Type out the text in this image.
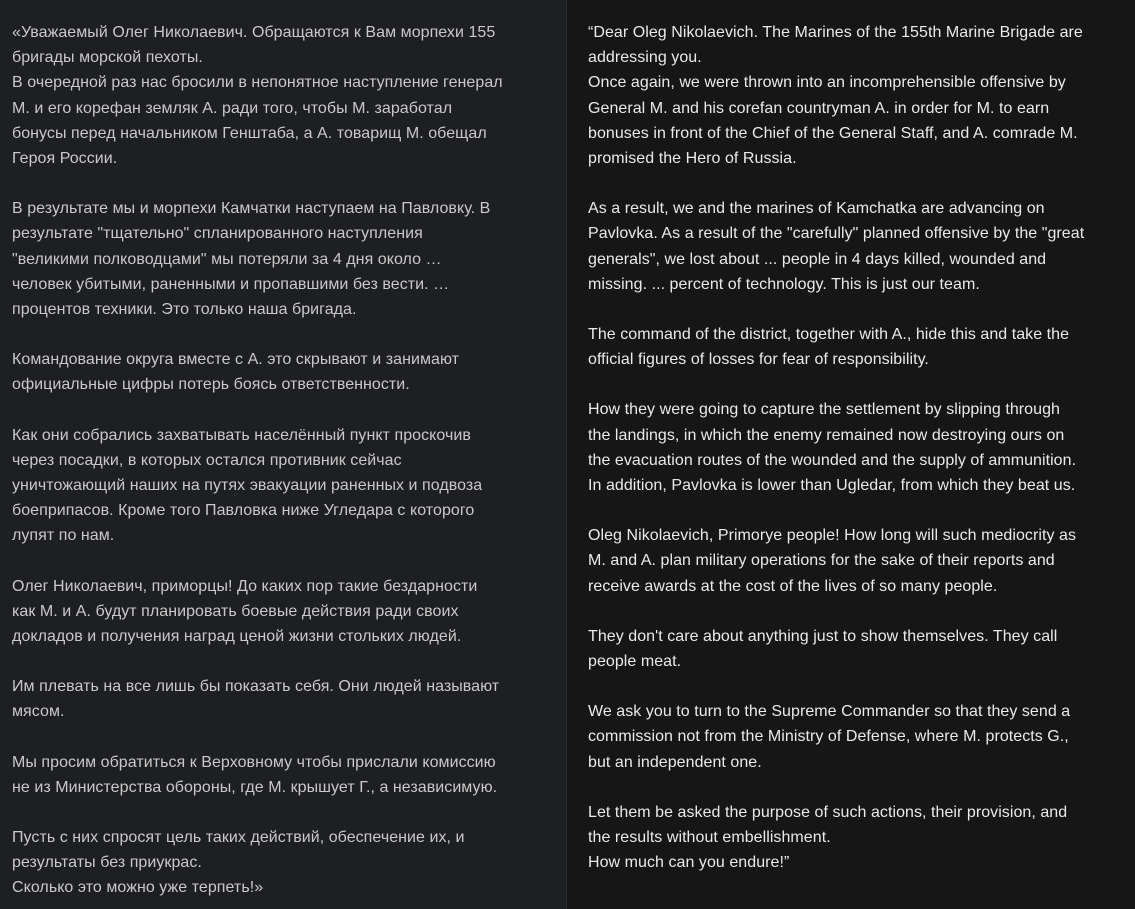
«Уважаемый Олег Николаевич. Обращаются к Вам морпехи 155
бригады морской пехоты.
В очередной раз нас бросили в непонятное наступление генерал
М. и его корефан земляк А. ради того, чтобы М. заработал
бонусы перед начальником Генштаба, а А. товарищ М. обещал
Героя России.

В результате мы и морпехи Камчатки наступаем на Павловку. В
результате "тщательно" спланированного наступления
"великими полководцами" мы потеряли за 4 дня около …
человек убитыми, раненными и пропавшими без вести. …
процентов техники. Это только наша бригада.

Командование округа вместе с А. это скрывают и занимают
официальные цифры потерь боясь ответственности.

Как они собрались захватывать населённый пункт проскочив
через посадки, в которых остался противник сейчас
уничтожающий наших на путях эвакуации раненных и подвоза
боеприпасов. Кроме того Павловка ниже Угледара с которого
лупят по нам.

Олег Николаевич, приморцы! До каких пор такие бездарности
как М. и А. будут планировать боевые действия ради своих
докладов и получения наград ценой жизни стольких людей.

Им плевать на все лишь бы показать себя. Они людей называют
мясом.

Мы просим обратиться к Верховному чтобы прислали комиссию
не из Министерства обороны, где М. крышует Г., а независимую.

Пусть с них спросят цель таких действий, обеспечение их, и
результаты без приукрас.
Сколько это можно уже терпеть!»

“Dear Oleg Nikolaevich. The Marines of the 155th Marine Brigade are
addressing you.
Once again, we were thrown into an incomprehensible offensive by
General M. and his corefan countryman A. in order for M. to earn
bonuses in front of the Chief of the General Staff, and A. comrade M.
promised the Hero of Russia.

As a result, we and the marines of Kamchatka are advancing on
Pavlovka. As a result of the "carefully" planned offensive by the "great
generals", we lost about ... people in 4 days killed, wounded and
missing. ... percent of technology. This is just our team.

The command of the district, together with A., hide this and take the
official figures of losses for fear of responsibility.

How they were going to capture the settlement by slipping through
the landings, in which the enemy remained now destroying ours on
the evacuation routes of the wounded and the supply of ammunition.
In addition, Pavlovka is lower than Ugledar, from which they beat us.

Oleg Nikolaevich, Primorye people! How long will such mediocrity as
M. and A. plan military operations for the sake of their reports and
receive awards at the cost of the lives of so many people.

They don't care about anything just to show themselves. They call
people meat.

We ask you to turn to the Supreme Commander so that they send a
commission not from the Ministry of Defense, where M. protects G.,
but an independent one.

Let them be asked the purpose of such actions, their provision, and
the results without embellishment.
How much can you endure!”
